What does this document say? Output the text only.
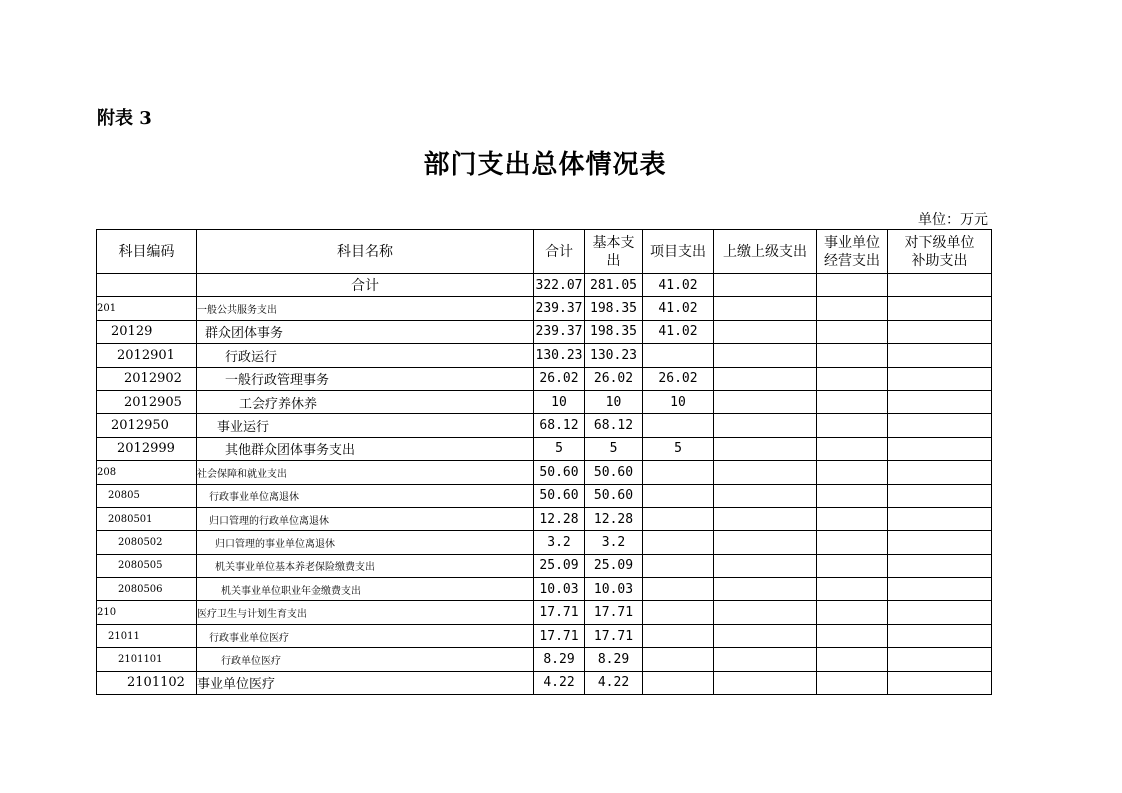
附表 3
部门支出总体情况表
单位：万元
科目编码	科目名称	合计	基本支出	项目支出	上缴上级支出	事业单位经营支出	对下级单位补助支出
	合计	322.07	281.05	41.02			
201	一般公共服务支出	239.37	198.35	41.02			
20129	群众团体事务	239.37	198.35	41.02			
2012901	行政运行	130.23	130.23				
2012902	一般行政管理事务	26.02	26.02	26.02			
2012905	工会疗养休养	10	10	10			
2012950	事业运行	68.12	68.12				
2012999	其他群众团体事务支出	5	5	5			
208	社会保障和就业支出	50.60	50.60				
20805	行政事业单位离退休	50.60	50.60				
2080501	归口管理的行政单位离退休	12.28	12.28				
2080502	归口管理的事业单位离退休	3.2	3.2				
2080505	机关事业单位基本养老保险缴费支出	25.09	25.09				
2080506	机关事业单位职业年金缴费支出	10.03	10.03				
210	医疗卫生与计划生育支出	17.71	17.71				
21011	行政事业单位医疗	17.71	17.71				
2101101	行政单位医疗	8.29	8.29				
2101102	事业单位医疗	4.22	4.22				
